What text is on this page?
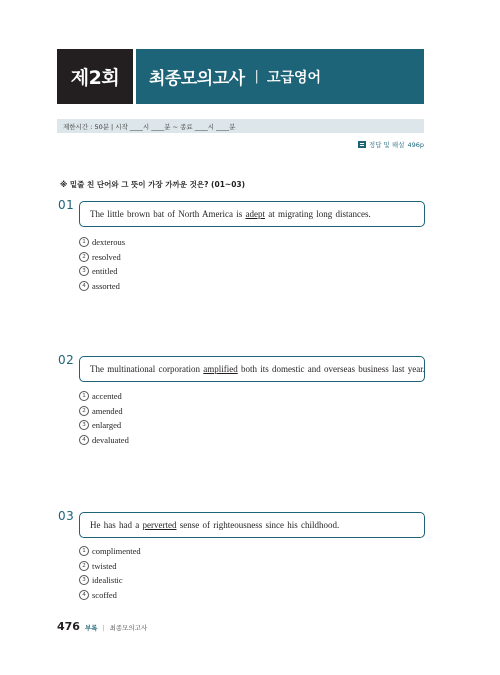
제2회	최종모의고사 | 고급영어
제한시간 : 50분 | 시작 ____시 ____분 ~ 종료 ____시 ____분
정답 및 해설 496p
※ 밑줄 친 단어와 그 뜻이 가장 가까운 것은? (01~03)
01
The little brown bat of North America is adept at migrating long distances.
1 dexterous
2 resolved
3 entitled
4 assorted
02
The multinational corporation amplified both its domestic and overseas business last year.
1 accented
2 amended
3 enlarged
4 devaluated
03
He has had a perverted sense of righteousness since his childhood.
1 complimented
2 twisted
3 idealistic
4 scoffed
476 부록 | 최종모의고사
